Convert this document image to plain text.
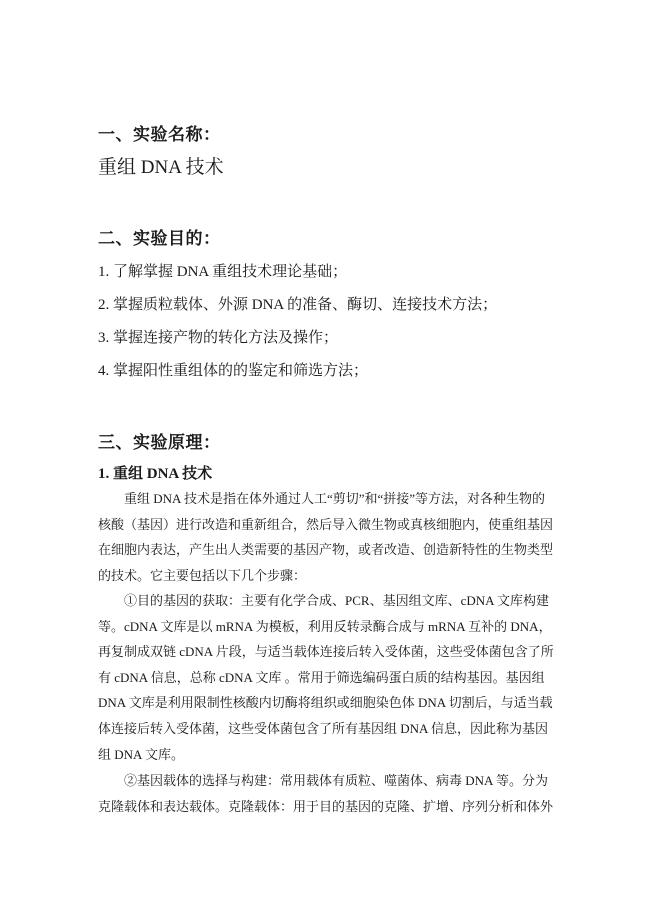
一、实验名称：
重组 DNA 技术
二、实验目的：
1. 了解掌握 DNA 重组技术理论基础；
2. 掌握质粒载体、外源 DNA 的准备、酶切、连接技术方法；
3. 掌握连接产物的转化方法及操作；
4. 掌握阳性重组体的的鉴定和筛选方法；
三、实验原理：
1. 重组 DNA 技术
重组 DNA 技术是指在体外通过人工“剪切”和“拼接”等方法，对各种生物的
核酸（基因）进行改造和重新组合，然后导入微生物或真核细胞内，使重组基因
在细胞内表达，产生出人类需要的基因产物，或者改造、创造新特性的生物类型
的技术。它主要包括以下几个步骤：
①目的基因的获取：主要有化学合成、PCR、基因组文库、cDNA 文库构建
等。cDNA 文库是以 mRNA 为模板，利用反转录酶合成与 mRNA 互补的 DNA，
再复制成双链 cDNA 片段，与适当载体连接后转入受体菌，这些受体菌包含了所
有 cDNA 信息，总称 cDNA 文库 。常用于筛选编码蛋白质的结构基因。基因组
DNA 文库是利用限制性核酸内切酶将组织或细胞染色体 DNA 切割后，与适当载
体连接后转入受体菌，这些受体菌包含了所有基因组 DNA 信息，因此称为基因
组 DNA 文库。
②基因载体的选择与构建：常用载体有质粒、噬菌体、病毒 DNA 等。分为
克隆载体和表达载体。克隆载体：用于目的基因的克隆、扩增、序列分析和体外
